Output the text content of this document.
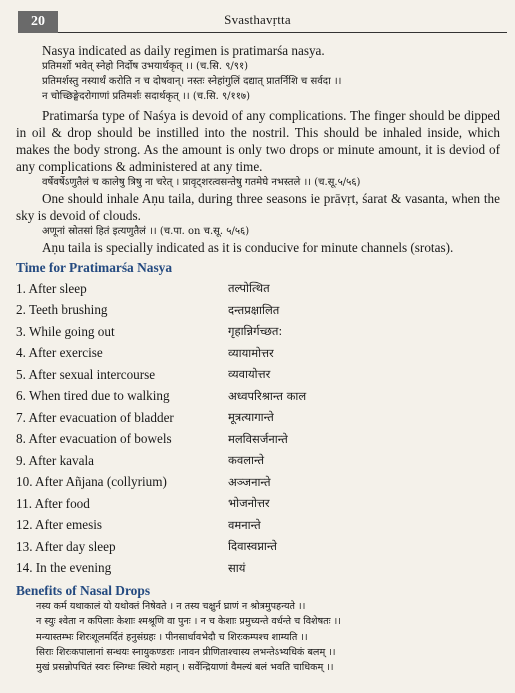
20	Svasthavṛtta

Nasya indicated as daily regimen is pratimarśa nasya.

प्रतिमर्शो भवेत् स्नेहो निर्दोष उभयार्थकृत् ।। (च.सि. ९/९१)
प्रतिमर्शस्तु नस्यार्थं करोति न च दोषवान्। नस्तः स्नेहांगुलिं दद्यात् प्रातर्निशि च सर्वदा ।।
न चोच्छिङ्घेदरोगाणां प्रतिमर्शः सदार्थकृत् ।। (च.सि. ९/११७)

Pratimarśa type of Naśya is devoid of any complications. The finger should be dipped in oil & drop should be instilled into the nostril. This should be inhaled inside, which makes the body strong. As the amount is only two drops or minute amount, it is deviod of any complications & administered at any time.

वर्षेवर्षेऽणुतैलं च कालेषु त्रिषु ना चरेत् । प्रावृट्शरत्वसन्तेषु गतमेघे नभस्तले ।। (च.सू.५/५६)

One should inhale Aṇu taila, during three seasons ie prāvṛt, śarat & vasanta, when the sky is devoid of clouds.

अणूनां स्रोतसां हितं इत्यणुतैलं ।। (च.पा. on च.सू. ५/५६)

Aṇu taila is specially indicated as it is conducive for minute channels (srotas).

Time for Pratimarśa Nasya
1. After sleep	तल्पोत्थित
2. Teeth brushing	दन्तप्रक्षालित
3. While going out	गृहान्निर्गच्छत:
4. After exercise	व्यायामोत्तर
5. After sexual intercourse	व्यवायोत्तर
6. When tired due to walking	अध्वपरिश्रान्त काल
7. After evacuation of bladder	मूत्रत्यागान्ते
8. After evacuation of bowels	मलविसर्जनान्ते
9. After kavala	कवलान्ते
10. After Añjana (collyrium)	अञ्जनान्ते
11. After food	भोजनोत्तर
12. After emesis	वमनान्ते
13. After day sleep	दिवास्वप्नान्ते
14. In the evening	सायं
Benefits of Nasal Drops
नस्य कर्म यथाकालं यो यथोक्तं निषेवते । न तस्य चक्षुर्न घ्राणं न श्रोत्रमुपहन्यते ।।
न स्युः श्वेता न कपिलाः केशाः श्मश्रूणि वा पुनः । न च केशाः प्रमुच्यन्ते वर्धन्ते च विशेषतः ।।
मन्यास्तम्भः शिरःशूलमर्दितं हनुसंग्रहः । पीनसार्धावभेदौ च शिरःकम्पश्च शाम्यति ।।
सिराः शिरःकपालानां सन्धयः स्नायुकण्डराः ।नावन प्रीणिताश्चास्य लभन्तेऽभ्यधिकं बलम् ।।
मुखं प्रसन्नोपचितं स्वरः स्निग्धः स्थिरो महान् । सर्वेन्द्रियाणां वैमल्यं बलं भवति चाधिकम् ।।
